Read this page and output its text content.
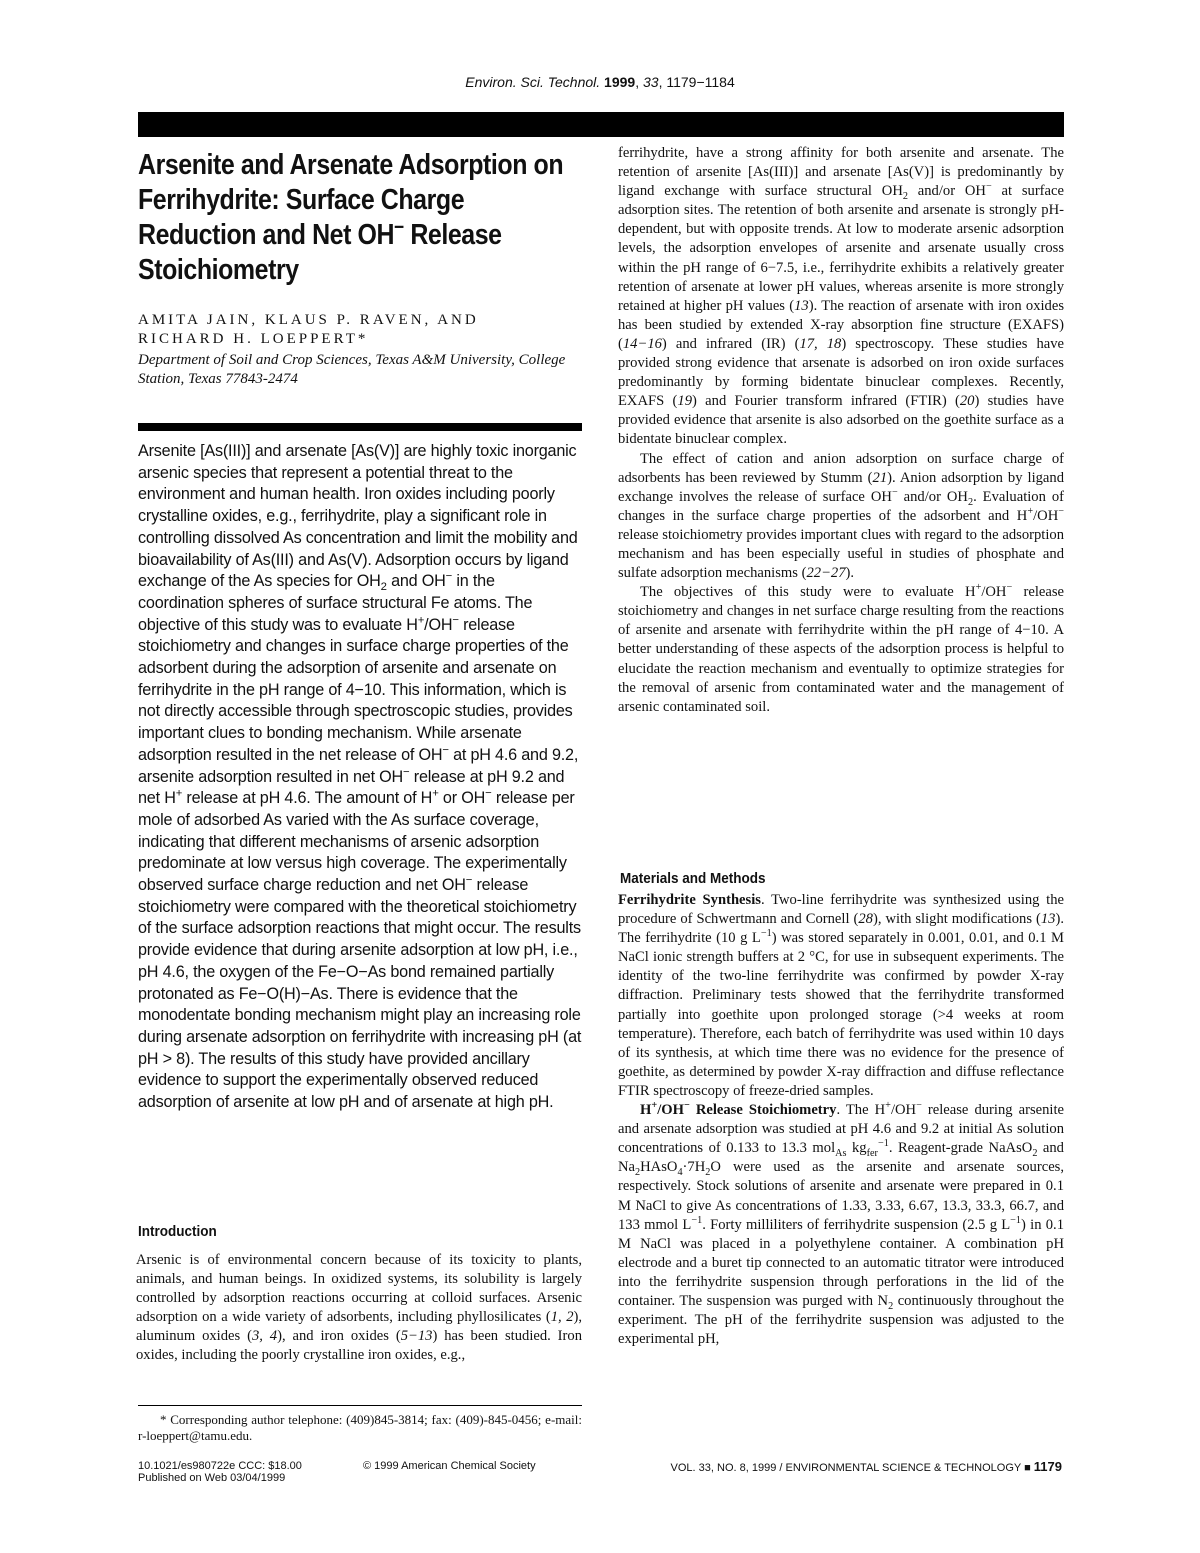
Environ. Sci. Technol. 1999, 33, 1179−1184
Arsenite and Arsenate Adsorption on Ferrihydrite: Surface Charge Reduction and Net OH− Release Stoichiometry
AMITA JAIN, KLAUS P. RAVEN, AND
RICHARD H. LOEPPERT*
Department of Soil and Crop Sciences, Texas A&M University, College Station, Texas 77843-2474

Arsenite [As(III)] and arsenate [As(V)] are highly toxic inorganic arsenic species that represent a potential threat to the environment and human health. Iron oxides including poorly crystalline oxides, e.g., ferrihydrite, play a significant role in controlling dissolved As concentration and limit the mobility and bioavailability of As(III) and As(V). Adsorption occurs by ligand exchange of the As species for $OH_2$ and OH− in the coordination spheres of surface structural Fe atoms. The objective of this study was to evaluate H+/OH− release stoichiometry and changes in surface charge properties of the adsorbent during the adsorption of arsenite and arsenate on ferrihydrite in the pH range of 4−10. This information, which is not directly accessible through spectroscopic studies, provides important clues to bonding mechanism. While arsenate adsorption resulted in the net release of OH− at pH 4.6 and 9.2, arsenite adsorption resulted in net OH− release at pH 9.2 and net H+ release at pH 4.6. The amount of H+ or OH− release per mole of adsorbed As varied with the As surface coverage, indicating that different mechanisms of arsenic adsorption predominate at low versus high coverage. The experimentally observed surface charge reduction and net OH− release stoichiometry were compared with the theoretical stoichiometry of the surface adsorption reactions that might occur. The results provide evidence that during arsenite adsorption at low pH, i.e., pH 4.6, the oxygen of the Fe−O−As bond remained partially protonated as Fe−O(H)−As. There is evidence that the monodentate bonding mechanism might play an increasing role during arsenate adsorption on ferrihydrite with increasing pH (at pH > 8). The results of this study have provided ancillary evidence to support the experimentally observed reduced adsorption of arsenite at low pH and of arsenate at high pH.

Introduction

Arsenic is of environmental concern because of its toxicity to plants, animals, and human beings. In oxidized systems, its solubility is largely controlled by adsorption reactions occurring at colloid surfaces. Arsenic adsorption on a wide variety of adsorbents, including phyllosilicates (1, 2), aluminum oxides (3, 4), and iron oxides (5−13) has been studied. Iron oxides, including the poorly crystalline iron oxides, e.g.,

* Corresponding author telephone: (409)845-3814; fax: (409)-845-0456; e-mail: r-loeppert@tamu.edu.

ferrihydrite, have a strong affinity for both arsenite and arsenate. The retention of arsenite [As(III)] and arsenate [As(V)] is predominantly by ligand exchange with surface structural $OH_2$ and/or OH− at surface adsorption sites. The retention of both arsenite and arsenate is strongly pH-dependent, but with opposite trends. At low to moderate arsenic adsorption levels, the adsorption envelopes of arsenite and arsenate usually cross within the pH range of 6−7.5, i.e., ferrihydrite exhibits a relatively greater retention of arsenate at lower pH values, whereas arsenite is more strongly retained at higher pH values (13). The reaction of arsenate with iron oxides has been studied by extended X-ray absorption fine structure (EXAFS) (14−16) and infrared (IR) (17, 18) spectroscopy. These studies have provided strong evidence that arsenate is adsorbed on iron oxide surfaces predominantly by forming bidentate binuclear complexes. Recently, EXAFS (19) and Fourier transform infrared (FTIR) (20) studies have provided evidence that arsenite is also adsorbed on the goethite surface as a bidentate binuclear complex.

The effect of cation and anion adsorption on surface charge of adsorbents has been reviewed by Stumm (21). Anion adsorption by ligand exchange involves the release of surface OH− and/or $OH_2$. Evaluation of changes in the surface charge properties of the adsorbent and H+/OH− release stoichiometry provides important clues with regard to the adsorption mechanism and has been especially useful in studies of phosphate and sulfate adsorption mechanisms (22−27).

The objectives of this study were to evaluate H+/OH− release stoichiometry and changes in net surface charge resulting from the reactions of arsenite and arsenate with ferrihydrite within the pH range of 4−10. A better understanding of these aspects of the adsorption process is helpful to elucidate the reaction mechanism and eventually to optimize strategies for the removal of arsenic from contaminated water and the management of arsenic contaminated soil.

Materials and Methods

Ferrihydrite Synthesis. Two-line ferrihydrite was synthesized using the procedure of Schwertmann and Cornell (28), with slight modifications (13). The ferrihydrite (10 g $L^{-1}$) was stored separately in 0.001, 0.01, and 0.1 M NaCl ionic strength buffers at 2 °C, for use in subsequent experiments. The identity of the two-line ferrihydrite was confirmed by powder X-ray diffraction. Preliminary tests showed that the ferrihydrite transformed partially into goethite upon prolonged storage (>4 weeks at room temperature). Therefore, each batch of ferrihydrite was used within 10 days of its synthesis, at which time there was no evidence for the presence of goethite, as determined by powder X-ray diffraction and diffuse reflectance FTIR spectroscopy of freeze-dried samples.

H+/OH− Release Stoichiometry. The H+/OH− release during arsenite and arsenate adsorption was studied at pH 4.6 and 9.2 at initial As solution concentrations of 0.133 to 13.3 mol$_{As}$ $kg_{fer}^{-1}$. Reagent-grade NaAsO$_2$ and $Na_2HAsO_4\cdot 7H_2O$ were used as the arsenite and arsenate sources, respectively. Stock solutions of arsenite and arsenate were prepared in 0.1 M NaCl to give As concentrations of 1.33, 3.33, 6.67, 13.3, 33.3, 66.7, and 133 mmol $L^{-1}$. Forty milliliters of ferrihydrite suspension (2.5 g $L^{-1}$) in 0.1 M NaCl was placed in a polyethylene container. A combination pH electrode and a buret tip connected to an automatic titrator were introduced into the ferrihydrite suspension through perforations in the lid of the container. The suspension was purged with $N_2$ continuously throughout the experiment. The pH of the ferrihydrite suspension was adjusted to the experimental pH,

10.1021/es980722e CCC: $18.00
Published on Web 03/04/1999
© 1999 American Chemical Society	VOL. 33, NO. 8, 1999 / ENVIRONMENTAL SCIENCE & TECHNOLOGY ■ 1179
